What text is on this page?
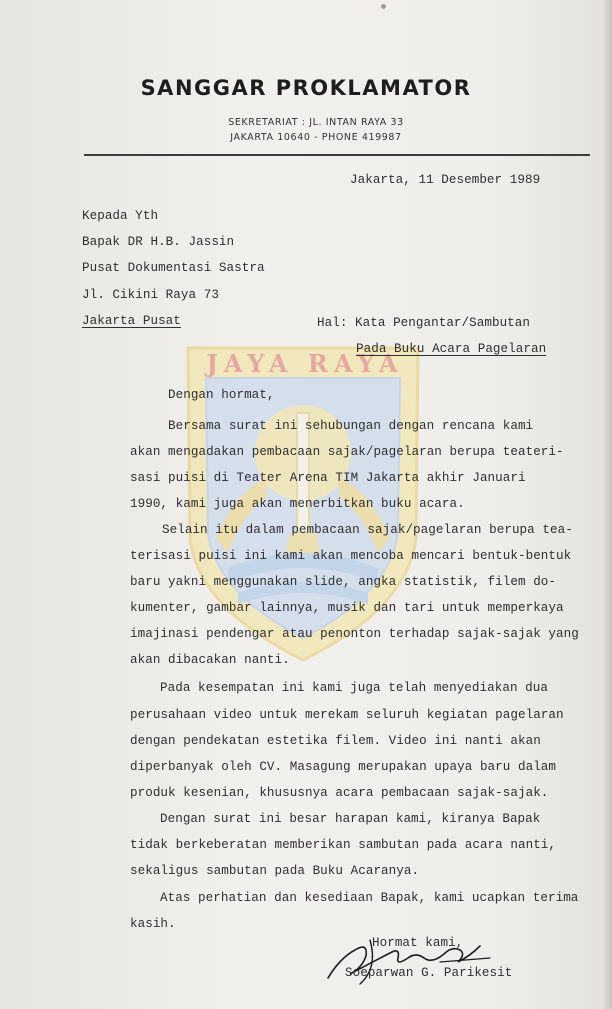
SANGGAR PROKLAMATOR
SEKRETARIAT : JL. INTAN RAYA 33
JAKARTA 10640 - PHONE 419987
JAYA RAYA
Jakarta, 11 Desember 1989
Kepada Yth
Bapak DR H.B. Jassin
Pusat Dokumentasi Sastra
Jl. Cikini Raya 73
Jakarta Pusat	Hal: Kata Pengantar/Sambutan
Pada Buku Acara Pagelaran
Dengan hormat,
Bersama surat ini sehubungan dengan rencana kami
akan mengadakan pembacaan sajak/pagelaran berupa teateri-
sasi puisi di Teater Arena TIM Jakarta akhir Januari
1990, kami juga akan menerbitkan buku acara.
Selain itu dalam pembacaan sajak/pagelaran berupa tea-
terisasi puisi ini kami akan mencoba mencari bentuk-bentuk
baru yakni menggunakan slide, angka statistik, filem do-
kumenter, gambar lainnya, musik dan tari untuk memperkaya
imajinasi pendengar atau penonton terhadap sajak-sajak yang
akan dibacakan nanti.
Pada kesempatan ini kami juga telah menyediakan dua
perusahaan video untuk merekam seluruh kegiatan pagelaran
dengan pendekatan estetika filem. Video ini nanti akan
diperbanyak oleh CV. Masagung merupakan upaya baru dalam
produk kesenian, khususnya acara pembacaan sajak-sajak.
Dengan surat ini besar harapan kami, kiranya Bapak
tidak berkeberatan memberikan sambutan pada acara nanti,
sekaligus sambutan pada Buku Acaranya.
Atas perhatian dan kesediaan Bapak, kami ucapkan terima
kasih.
Hormat kami,
Soeparwan G. Parikesit
